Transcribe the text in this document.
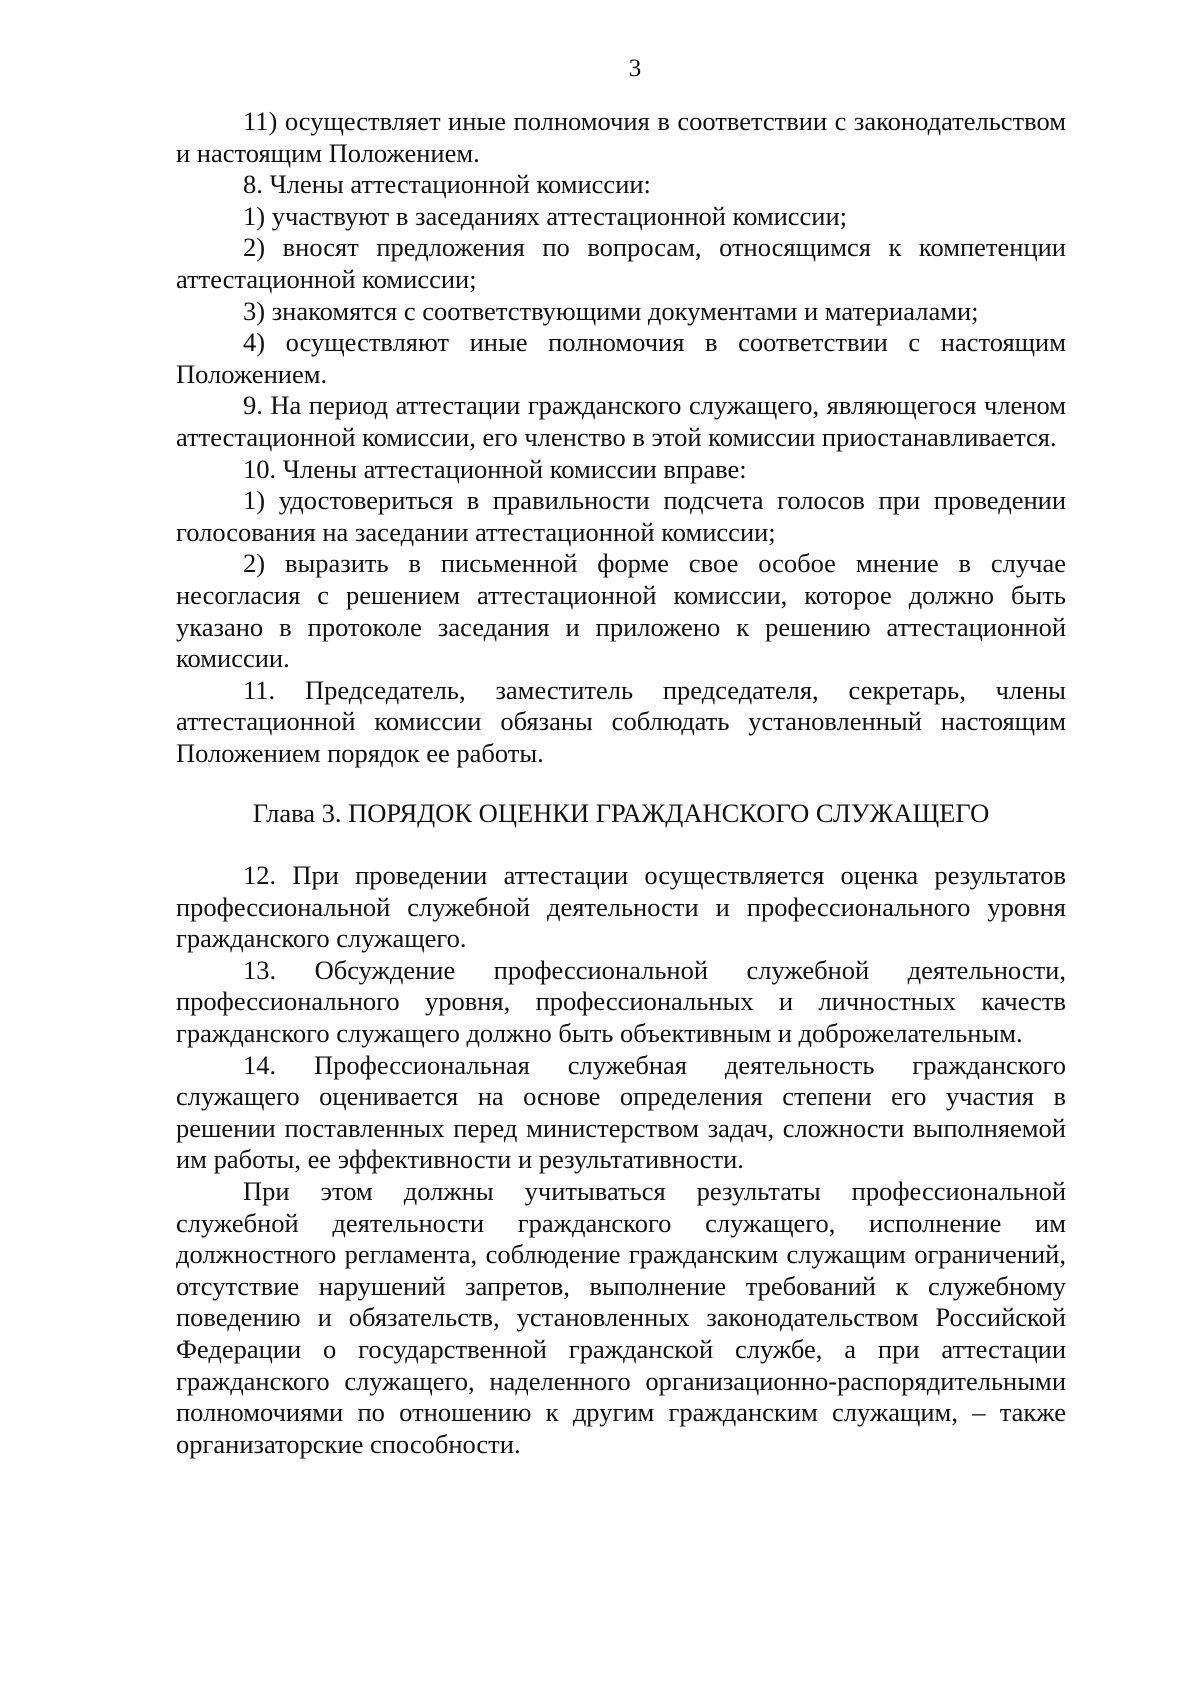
3

11) осуществляет иные полномочия в соответствии с законодательством и настоящим Положением.

8. Члены аттестационной комиссии:

1) участвуют в заседаниях аттестационной комиссии;

2) вносят предложения по вопросам, относящимся к компетенции аттестационной комиссии;

3) знакомятся с соответствующими документами и материалами;

4) осуществляют иные полномочия в соответствии с настоящим Положением.

9. На период аттестации гражданского служащего, являющегося членом аттестационной комиссии, его членство в этой комиссии приостанавливается.

10. Члены аттестационной комиссии вправе:

1) удостовериться в правильности подсчета голосов при проведении голосования на заседании аттестационной комиссии;

2) выразить в письменной форме свое особое мнение в случае несогласия с решением аттестационной комиссии, которое должно быть указано в протоколе заседания и приложено к решению аттестационной комиссии.

11. Председатель, заместитель председателя, секретарь, члены аттестационной комиссии обязаны соблюдать установленный настоящим Положением порядок ее работы.

Глава 3. ПОРЯДОК ОЦЕНКИ ГРАЖДАНСКОГО СЛУЖАЩЕГО

12. При проведении аттестации осуществляется оценка результатов профессиональной служебной деятельности и профессионального уровня гражданского служащего.

13. Обсуждение профессиональной служебной деятельности, профессионального уровня, профессиональных и личностных качеств гражданского служащего должно быть объективным и доброжелательным.

14. Профессиональная служебная деятельность гражданского служащего оценивается на основе определения степени его участия в решении поставленных перед министерством задач, сложности выполняемой им работы, ее эффективности и результативности.

При этом должны учитываться результаты профессиональной служебной деятельности гражданского служащего, исполнение им должностного регламента, соблюдение гражданским служащим ограничений, отсутствие нарушений запретов, выполнение требований к служебному поведению и обязательств, установленных законодательством Российской Федерации о государственной гражданской службе, а при аттестации гражданского служащего, наделенного организационно-распорядительными полномочиями по отношению к другим гражданским служащим, – также организаторские способности.
